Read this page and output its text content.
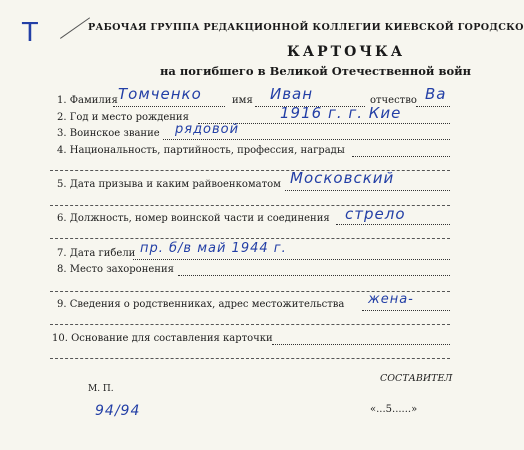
T	РАБОЧАЯ ГРУППА РЕДАКЦИОННОЙ КОЛЛЕГИИ КИЕВСКОЙ ГОРОДСКО
КАРТОЧКА
на погибшего в Великой Отечественной войн
1. Фамилия Томченко	имя Иван	отчество Ва
2. Год и место рождения	1916 г. г. Кие
3. Воинское звание рядовой
4. Национальность, партийность, профессия, награды
5. Дата призыва и каким райвоенкоматом Московский
6. Должность, номер воинской части и соединения стрело
7. Дата гибели пр. б/в май 1944 г.
8. Место захоронения
9. Сведения о родственниках, адрес местожительства жена-
10. Основание для составления карточки
М. П.
94/94
СОСТАВИТЕЛ
«...5......»
